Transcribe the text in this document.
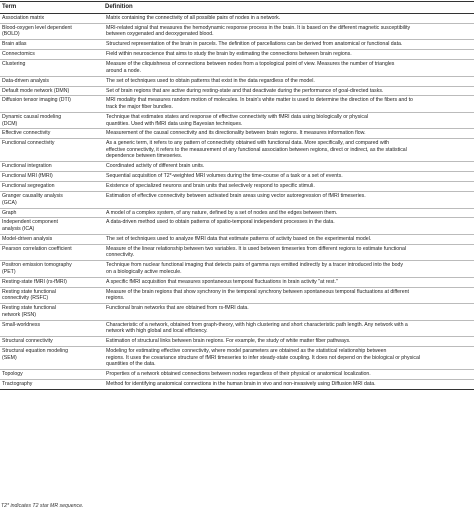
Term	Definition
Association matrix	Matrix containing the connectivity of all possible pairs of nodes in a network.
Blood-oxygen level dependent
(BOLD)	MRI-related signal that measures the hemodynamic response process in the brain. It is based on the different magnetic susceptibility
between oxygenated and deoxygenated blood.
Brain atlas	Structured representation of the brain in parcels. The definition of parcellations can be derived from anatomical or functional data.
Connectomics	Field within neuroscience that aims to study the brain by estimating the connections between brain regions.
Clustering	Measure of the cliquishness of connections between nodes from a topological point of view. Measures the number of triangles
around a node.
Data-driven analysis	The set of techniques used to obtain patterns that exist in the data regardless of the model.
Default mode network (DMN)	Set of brain regions that are active during resting-state and that deactivate during the performance of goal-directed tasks.
Diffusion tensor imaging (DTI)	MRI modality that measures random motion of molecules. In brain's white matter is used to determine the direction of the fibers and to
track the major fiber bundles.
Dynamic causal modeling
(DCM)	Technique that estimates states and response of effective connectivity with fMRI data using biologically or physical
quantities. Used with fMRI data using Bayesian techniques.
Effective connectivity	Measurement of the causal connectivity and its directionality between brain regions. It measures information flow.
Functional connectivity	As a generic term, it refers to any pattern of connectivity obtained with functional data. More specifically, and compared with
effective connectivity, it refers to the measurement of any functional association between regions, direct or indirect, as the statistical
dependence between timeseries.
Functional integration	Coordinated activity of different brain units.
Functional MRI (fMRI)	Sequential acquisition of T2*-weighted MRI volumes during the time-course of a task or a set of events.
Functional segregation	Existence of specialized neurons and brain units that selectively respond to specific stimuli.
Granger causality analysis
(GCA)	Estimation of effective connectivity between activated brain areas using vector autoregression of fMRI timeseries.
Graph	A model of a complex system, of any nature, defined by a set of nodes and the edges between them.
Independent component
analysis (ICA)	A data-driven method used to obtain patterns of spatio-temporal independent processes in the data.
Model-driven analysis	The set of techniques used to analyze fMRI data that estimate patterns of activity based on the experimental model.
Pearson correlation coefficient	Measure of the linear relationship between two variables. It is used between timeseries from different regions to estimate functional
connectivity.
Positron emission tomography
(PET)	Technique from nuclear functional imaging that detects pairs of gamma rays emitted indirectly by a tracer introduced into the body
on a biologically active molecule.
Resting-state fMRI (rs-fMRI)	A specific fMRI acquisition that measures spontaneous temporal fluctuations in brain activity "at rest."
Resting state functional
connectivity (RSFC)	Measure of the brain regions that show synchrony in the temporal synchrony between spontaneous temporal fluctuations at different
regions.
Resting state functional
network (RSN)	Functional brain networks that are obtained from rs-fMRI data.
Small-worldness	Characteristic of a network, obtained from graph-theory, with high clustering and short characteristic path length. Any network with a
network with high global and local efficiency.
Structural connectivity	Estimation of structural links between brain regions. For example, the study of white matter fiber pathways.
Structural equation modeling
(SEM)	Modeling for estimating effective connectivity, where model parameters are obtained as the statistical relationship between
regions. It uses the covariance structure of fMRI timeseries to infer steady-state coupling. It does not depend on the biological or physical
quantities of the data.
Topology	Properties of a network obtained connections between nodes regardless of their physical or anatomical localization.
Tractography	Method for identifying anatomical connections in the human brain in vivo and non-invasively using Diffusion MRI data.
T2* indicates T2 star MR sequence.
